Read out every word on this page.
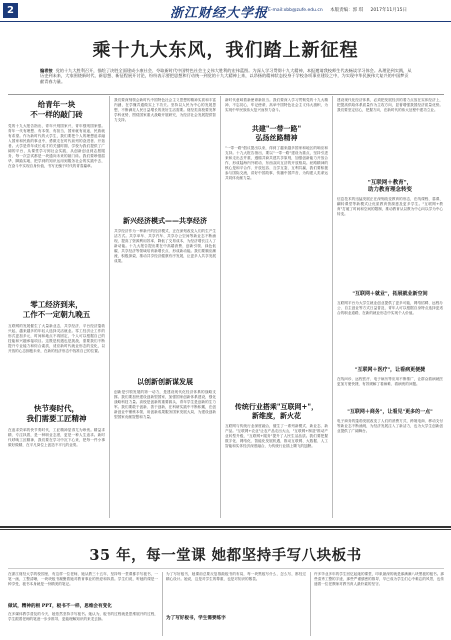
2	浙江财经大学报 E-mail:xbb@zufe.edu.cn 本版责编：郭 琪 2017年11月15日
乘十九大东风，我们踏上新征程
编者按 党的十九大胜利召开，描绘了决胜全面建成小康社会、夺取新时代中国特色社会主义伟大胜利的宏伟蓝图。为深入学习贯彻十九大精神，本报邀请我校师生代表畅谈学习体会。从理论到实践，从历史到未来，大家围绕新时代、新思想、新征程展开讨论，纷纷表示要把思想和行动统一到党的十九大精神上来，以昂扬的精神状态投身于学校各项事业建设之中，为实现中华民族伟大复兴的中国梦贡献青春力量。
给青年一块
不一样的敲门砖
党的十九大报告指出，青年兴则国家兴，青年强则国家强。青年一代有理想、有本领、有担当，国家就有前途，民族就有希望。作为新时代的大学生，我们要把个人的理想追求融入国家和民族的事业中，勇做走在时代前列的奋进者、开拓者。大学是青年成长成才的关键时期，学校为我们提供了广阔的平台，从课堂学习到社会实践，从创新创业到志愿服务，每一次尝试都是一块通向未来的敲门砖。我们要珍惜韶华，脚踏实地，把学到的知识运用到服务社会的实践中去，在奋斗中实现自身价值，书写无愧于时代的青春篇章。
零工经济到来，
工作不一定朝九晚五
互联网的发展催生了大量新业态，共享经济、平台经济蓬勃兴起，越来越多的年轻人选择灵活就业。零工经济让工作的形式更加多元，时间和地点不再固定，个人可以根据自己的技能和兴趣承接项目。这既是机遇也是挑战，需要我们不断提升专业能力和综合素质，适应新时代就业形态的变化，以开放的心态拥抱未来，在新的经济形态中找准自己的位置。
快节奏时代，
我们需要工匠精神
在追求效率的快节奏时代，工匠精神显得尤为珍贵。精益求精、专注执着，是一种职业态度，更是一种人生追求。新时代呼唤工匠精神，我们要在学习中沉下心来，把每一件小事做好做精，在平凡岗位上创造不平凡的业绩。
我们要深刻领会新时代中国特色社会主义思想的精神实质和丰富内涵，在学懂弄通做实上下功夫。坚持以人民为中心的发展思想，不断满足人民日益增长的美好生活需要。财经类高校要发挥学科优势，围绕国家重大战略开展研究，为经济社会发展提供智力支持。
新兴经济模式——共享经济
共享经济作为一种新兴的经济模式，正在深刻改变人们的生产生活方式。共享单车、共享汽车、共享办公空间等新业态不断涌现，提高了资源利用效率，降低了交易成本，为经济增长注入了新动能。十九大报告提出要在中高端消费、创新引领、绿色低碳、共享经济等领域培育新增长点、形成新动能。我们要顺应潮流，积极探索，推动共享经济健康有序发展，让更多人共享发展成果。
以创新创新谋发展
创新是引领发展的第一动力，是建设现代化经济体系的战略支撑。我们要加快建设创新型国家，加强国家创新体系建设，强化战略科技力量。高校是创新的重要源头，青年学生是创新的生力军。我们要敢于创新、善于创新，在科研实践中不断积累，在创新创业中锤炼本领，用创新成果服务国家发展大局，为建设创新型国家贡献智慧和力量。
新时代意味着新使命新担当。我们要深入学习贯彻党的十九大精神，不忘初心，牢记使命，高举中国特色社会主义伟大旗帜，为实现中华民族伟大复兴而努力奋斗。
共建"一带一路"
弘扬丝路精神
"一带一路"倡议提出以来，得到了越来越多国家和地区的响应和支持。十九大报告指出，要以"一带一路"建设为重点，坚持引进来和走出去并重，遵循共商共建共享原则，加强创新能力开放合作，形成陆海内外联动、东西双向互济的开放格局。丝路精神的核心是和平合作、开放包容、互学互鉴、互利共赢，我们要积极参与国际交流，讲好中国故事，传播中国声音，为构建人类命运共同体贡献力量。
传统行业搭乘"互联网+"，
新维度，新火花
互联网与传统行业深度融合，催生了一系列新模式、新业态、新产品。"互联网+农业"让农产品走出大山，"互联网+制造"推动产业转型升级，"互联网+服务"提升了人民生活品质。我们要把握数字化、网络化、智能化发展机遇，推动互联网、大数据、人工智能和实体经济深度融合，为传统行业插上腾飞的翅膀。
建设现代化经济体系，必须把发展经济的着力点放在实体经济上，把提高供给体系质量作为主攻方向，显著增强我国经济质量优势。我们要坚定信心，把握方向，在新时代的伟大征程中建功立业。
"互联网＋教育"，
助力教育理念转变
信息技术的迅猛发展正在深刻改变教育的形态，在线课程、慕课、翻转课堂等新模式让优质教育资源惠及更多学生。"互联网+教育"打破了时间和空间的限制，推动教育从以教为中心向以学为中心转变。
"互联网＋就业"，拓展就业新空间
互联网平台为大学生就业创业提供了更多可能，网络招聘、远程办公、自主创业等方式日益普及，青年人可以根据自身特点选择更适合的职业道路，在新的就业形态中实现个人价值。
"互联网＋医疗"，让看病更便捷
在线问诊、远程医疗、电子病历等应用不断推广，让群众看病就医更加方便快捷，有效缓解了看病难、看病贵的问题。
"互联网＋商务"，让看见"更多的一点"
电子商务的蓬勃发展改变了人们的消费方式，跨境电商、移动支付等新业态不断涌现，为经济发展注入了新活力，也为大学生创新创业提供了广阔舞台。
35 年，每一堂课 她都坚持手写八块板书
在浙江财经大学的校园里，有这样一位老师，她从教三十五年，坚持每一堂课都手写板书，一笔一画，工整清晰，一块块板书凝聚着她对教育事业的热爱和执着。学生们说，听她的课是一种享受，板书本身就是一份精美的笔记。
做试，精神的根 PPT，板书不一样，思维会有变化
在多媒体教学普及的今天，她依然坚持手写板书。她认为，板书的过程就是思维展开的过程，学生跟着老师的笔迹一步步推导，更能理解知识的来龙去脉。
为了写好板书，她课前总要反复推敲板书的布局，每一块黑板写什么、怎么写，都经过精心设计。她说，这是对学生的尊重，也是对知识的敬畏。
为了写好板书，学生需要练字
许多毕业多年的学生回忆起她的课堂，印象最深的就是那满满八块黑板的板书。那些清秀工整的字迹，那些严谨缜密的推导，早已成为学生们心中难忘的风景，也传递着一位老教师对教书育人最朴素的坚守。
